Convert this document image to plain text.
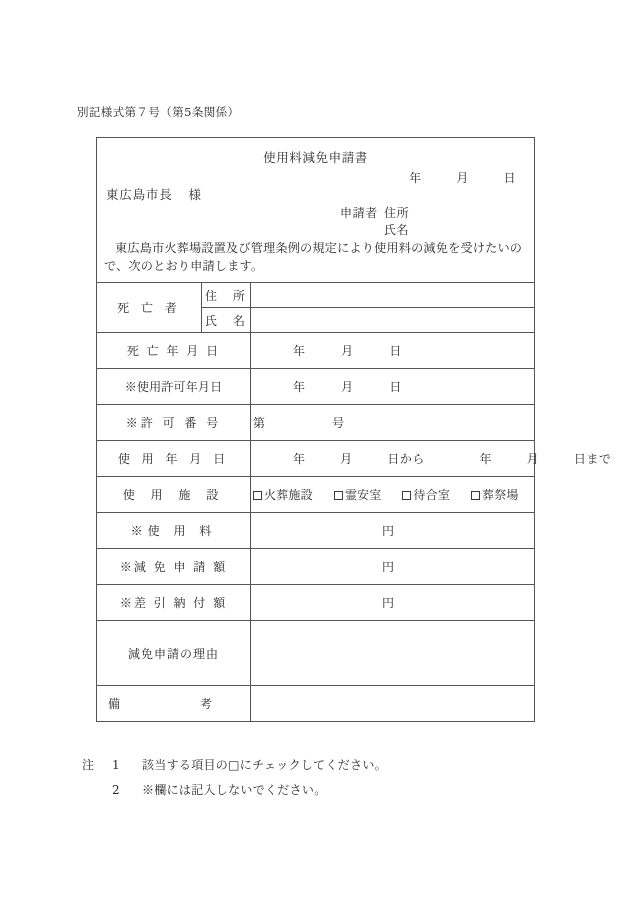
別記様式第７号（第5条関係）
使用料減免申請書
年	月	日
東広島市長 様
申請者 住所
氏名
東広島市火葬場設置及び管理条例の規定により使用料の減免を受けたいので、次のとおり申請します。
死 亡 者	住　所	
	氏　名	
死 亡 年 月 日		年 月 日
※使用許可年月日		年 月 日
※許 可 番 号		第 号
使 用 年 月 日		年 月 日から 年 月 日まで
使 用 施 設		火葬施設 霊安室 待合室 葬祭場

※使 用 料		円
※減 免 申 請 額		円
※差 引 納 付 額		円
減免申請の理由		

備　　　考		

注	1	該当する項目の□にチェックしてください。
2	※欄には記入しないでください。
